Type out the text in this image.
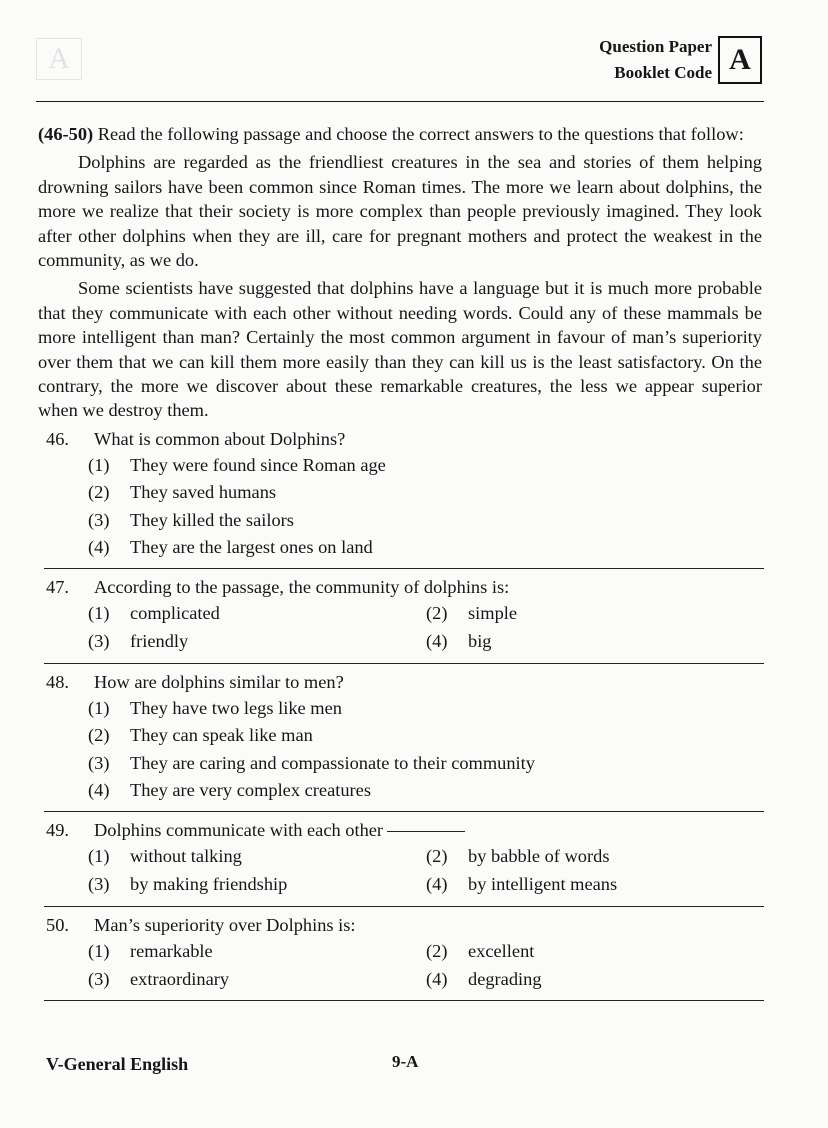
A	Question Paper
Booklet Code A

(46-50) Read the following passage and choose the correct answers to the questions that follow:

Dolphins are regarded as the friendliest creatures in the sea and stories of them helping drowning sailors have been common since Roman times. The more we learn about dolphins, the more we realize that their society is more complex than people previously imagined. They look after other dolphins when they are ill, care for pregnant mothers and protect the weakest in the community, as we do.

Some scientists have suggested that dolphins have a language but it is much more probable that they communicate with each other without needing words. Could any of these mammals be more intelligent than man? Certainly the most common argument in favour of man’s superiority over them that we can kill them more easily than they can kill us is the least satisfactory. On the contrary, the more we discover about these remarkable creatures, the less we appear superior when we destroy them.

46.	What is common about Dolphins?
(1)	They were found since Roman age
(2)	They saved humans
(3)	They killed the sailors
(4)	They are the largest ones on land
47.	According to the passage, the community of dolphins is:
(1)	complicated	(2)	simple
(3)	friendly	(4)	big
48.	How are dolphins similar to men?
(1)	They have two legs like men
(2)	They can speak like man
(3)	They are caring and compassionate to their community
(4)	They are very complex creatures
49.	Dolphins communicate with each other
(1)	without talking	(2)	by babble of words
(3)	by making friendship	(4)	by intelligent means
50.	Man’s superiority over Dolphins is:
(1)	remarkable	(2)	excellent
(3)	extraordinary	(4)	degrading
V-General English	9-A
